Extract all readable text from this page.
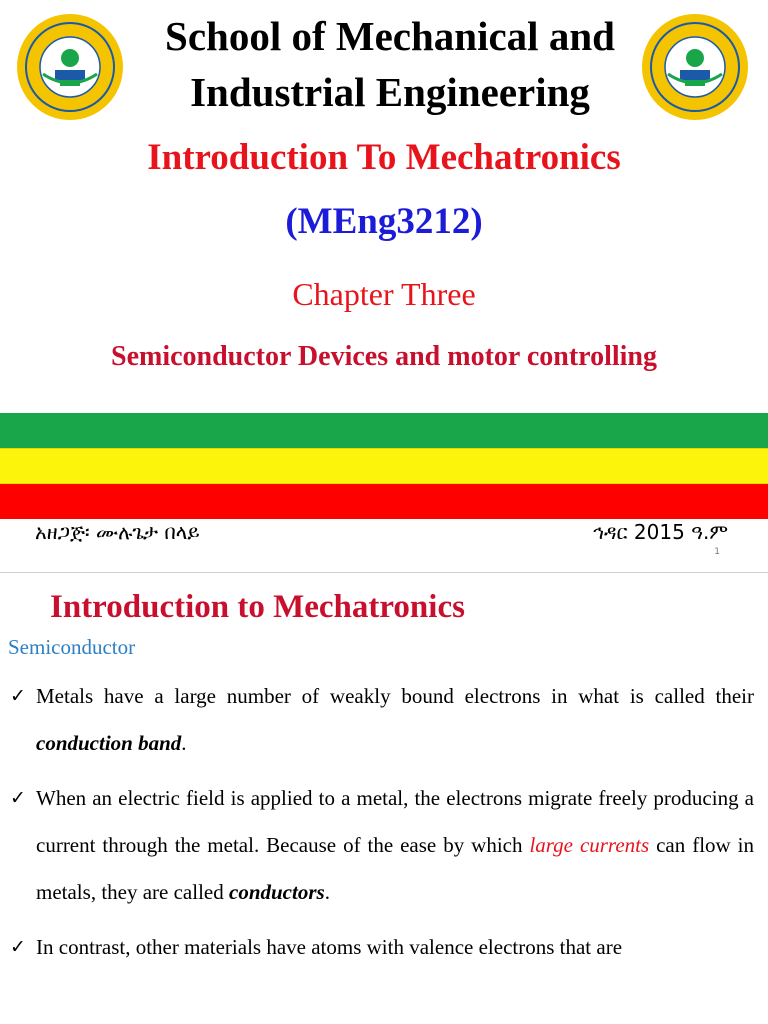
School of Mechanical and
Industrial Engineering
Introduction To Mechatronics
(MEng3212)
Chapter Three
Semiconductor Devices and motor controlling
አዘጋጅ፡ ሙሉጌታ በላይ	ኅዳር 2015 ዓ.ም
1
Introduction to Mechatronics
Semiconductor
✓ Metals have a large number of weakly bound electrons in what is called their conduction band.
✓ When an electric field is applied to a metal, the electrons migrate freely producing a current through the metal. Because of the ease by which large currents can flow in metals, they are called conductors.
✓ In contrast, other materials have atoms with valence electrons that are
